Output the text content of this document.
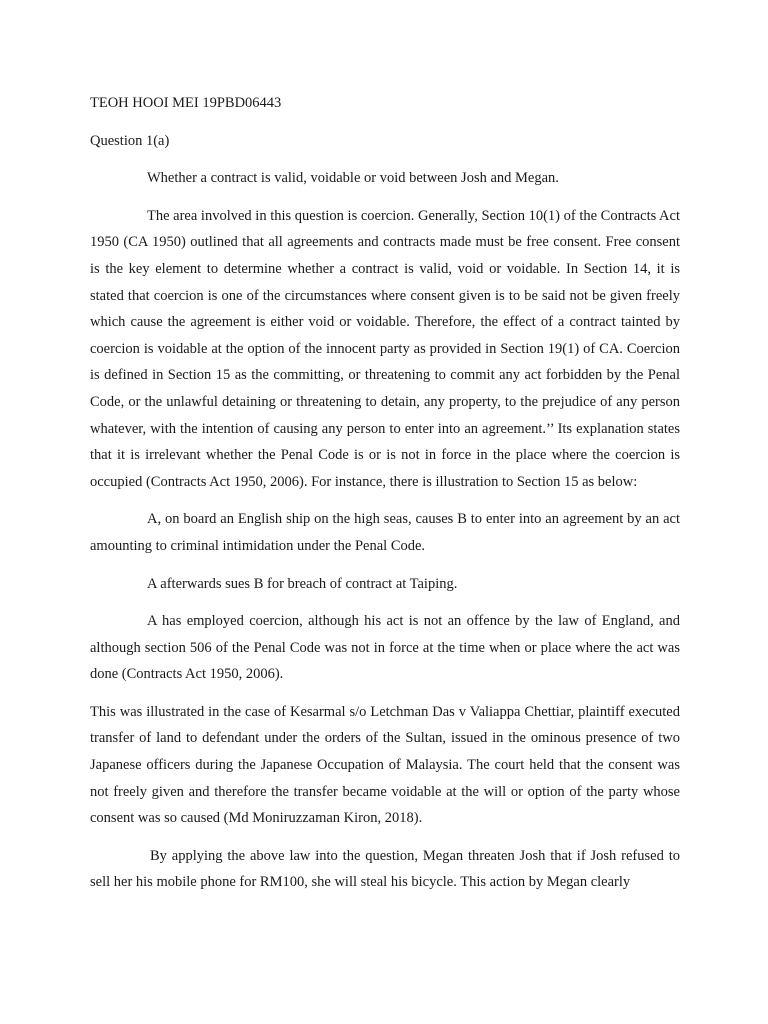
TEOH HOOI MEI 19PBD06443

Question 1(a)

Whether a contract is valid, voidable or void between Josh and Megan.

The area involved in this question is coercion. Generally, Section 10(1) of the Contracts Act 1950 (CA 1950) outlined that all agreements and contracts made must be free consent. Free consent is the key element to determine whether a contract is valid, void or voidable. In Section 14, it is stated that coercion is one of the circumstances where consent given is to be said not be given freely which cause the agreement is either void or voidable. Therefore, the effect of a contract tainted by coercion is voidable at the option of the innocent party as provided in Section 19(1) of CA. Coercion is defined in Section 15 as the committing, or threatening to commit any act forbidden by the Penal Code, or the unlawful detaining or threatening to detain, any property, to the prejudice of any person whatever, with the intention of causing any person to enter into an agreement.’’ Its explanation states that it is irrelevant whether the Penal Code is or is not in force in the place where the coercion is occupied (Contracts Act 1950, 2006). For instance, there is illustration to Section 15 as below:

A, on board an English ship on the high seas, causes B to enter into an agreement by an act amounting to criminal intimidation under the Penal Code.

A afterwards sues B for breach of contract at Taiping.

A has employed coercion, although his act is not an offence by the law of England, and although section 506 of the Penal Code was not in force at the time when or place where the act was done (Contracts Act 1950, 2006).

This was illustrated in the case of Kesarmal s/o Letchman Das v Valiappa Chettiar, plaintiff executed transfer of land to defendant under the orders of the Sultan, issued in the ominous presence of two Japanese officers during the Japanese Occupation of Malaysia. The court held that the consent was not freely given and therefore the transfer became voidable at the will or option of the party whose consent was so caused (Md Moniruzzaman Kiron, 2018).

By applying the above law into the question, Megan threaten Josh that if Josh refused to sell her his mobile phone for RM100, she will steal his bicycle. This action by Megan clearly
